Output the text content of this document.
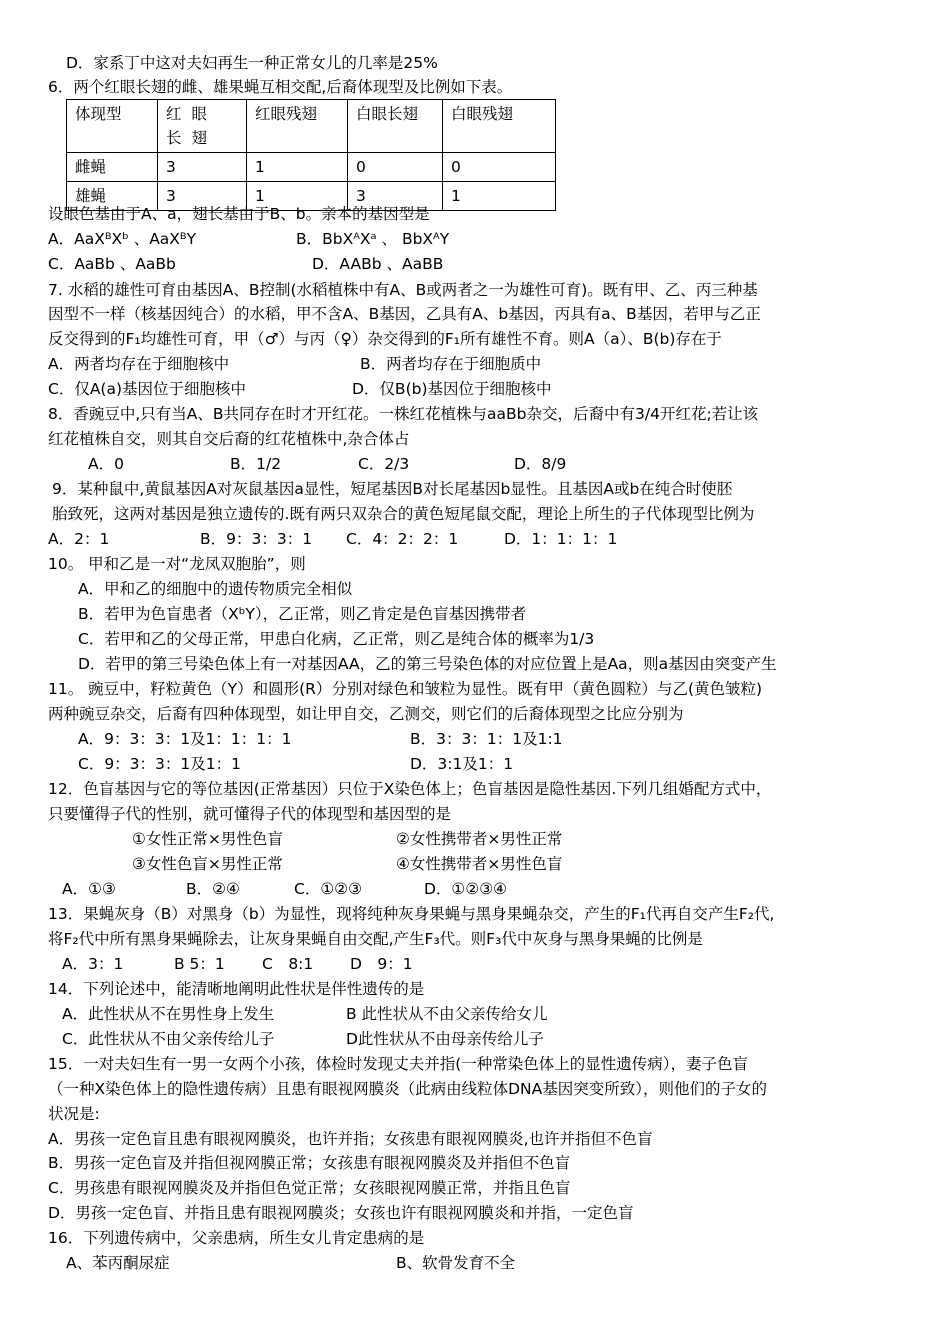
D．家系丁中这对夫妇再生一种正常女儿的几率是25%
6．两个红眼长翅的雌、雄果蝇互相交配,后裔体现型及比例如下表。
体现型	红眼长翅	红眼残翅	白眼长翅	白眼残翅
雌蝇	3	1	0	0
雄蝇	3	1	3	1
设眼色基由于A、a，翅长基由于B、b。亲本的基因型是
A．AaXᴮXᵇ 、AaXᴮY	B．BbXᴬXᵃ 、 BbXᴬY
C．AaBb 、AaBb	D．AABb 、AaBB
7. 水稻的雄性可育由基因A、B控制(水稻植株中有A、B或两者之一为雄性可育)。既有甲、乙、丙三种基
因型不一样（核基因纯合）的水稻，甲不含A、B基因，乙具有A、b基因，丙具有a、B基因，若甲与乙正
反交得到的F₁均雄性可育，甲（♂）与丙（♀）杂交得到的F₁所有雄性不育。则A（a）、B(b)存在于
A．两者均存在于细胞核中	B．两者均存在于细胞质中
C．仅A(a)基因位于细胞核中	D．仅B(b)基因位于细胞核中
8．香豌豆中,只有当A、B共同存在时才开红花。一株红花植株与aaBb杂交，后裔中有3/4开红花;若让该
红花植株自交，则其自交后裔的红花植株中,杂合体占
A．0	B．1/2	C．2/3	D．8/9
9．某种鼠中,黄鼠基因A对灰鼠基因a显性，短尾基因B对长尾基因b显性。且基因A或b在纯合时使胚
胎致死，这两对基因是独立遗传的.既有两只双杂合的黄色短尾鼠交配，理论上所生的子代体现型比例为
A．2：1	B．9：3：3：1 C．4：2：2：1	D．1：1：1：1
10。 甲和乙是一对“龙凤双胞胎”，则
A．甲和乙的细胞中的遗传物质完全相似
B．若甲为色盲患者（XᵇY），乙正常，则乙肯定是色盲基因携带者
C．若甲和乙的父母正常，甲患白化病，乙正常，则乙是纯合体的概率为1/3
D．若甲的第三号染色体上有一对基因AA，乙的第三号染色体的对应位置上是Aa，则a基因由突变产生
11。 豌豆中，籽粒黄色（Y）和圆形(R）分别对绿色和皱粒为显性。既有甲（黄色圆粒）与乙(黄色皱粒)
两种豌豆杂交，后裔有四种体现型，如让甲自交，乙测交，则它们的后裔体现型之比应分别为
A．9：3：3：1及1：1：1：1	B．3：3：1：1及1:1
C．9：3：3：1及1：1	D．3:1及1：1
12．色盲基因与它的等位基因(正常基因）只位于X染色体上；色盲基因是隐性基因.下列几组婚配方式中，
只要懂得子代的性别，就可懂得子代的体现型和基因型的是
①女性正常×男性色盲	②女性携带者×男性正常
③女性色盲×男性正常	④女性携带者×男性色盲
A．①③	B．②④	C．①②③	D．①②③④
13．果蝇灰身（B）对黑身（b）为显性，现将纯种灰身果蝇与黑身果蝇杂交，产生的F₁代再自交产生F₂代,
将F₂代中所有黑身果蝇除去，让灰身果蝇自由交配,产生F₃代。则F₃代中灰身与黑身果蝇的比例是
A．3：1	B 5：1 C　8:1 D　9：1
14．下列论述中，能清晰地阐明此性状是伴性遗传的是
A．此性状从不在男性身上发生	B 此性状从不由父亲传给女儿
C．此性状从不由父亲传给儿子	D此性状从不由母亲传给儿子
15．一对夫妇生有一男一女两个小孩，体检时发现丈夫并指(一种常染色体上的显性遗传病），妻子色盲
（一种X染色体上的隐性遗传病）且患有眼视网膜炎（此病由线粒体DNA基因突变所致），则他们的子女的
状况是:
A．男孩一定色盲且患有眼视网膜炎，也许并指；女孩患有眼视网膜炎,也许并指但不色盲
B．男孩一定色盲及并指但视网膜正常；女孩患有眼视网膜炎及并指但不色盲
C．男孩患有眼视网膜炎及并指但色觉正常；女孩眼视网膜正常，并指且色盲
D．男孩一定色盲、并指且患有眼视网膜炎；女孩也许有眼视网膜炎和并指，一定色盲
16．下列遗传病中，父亲患病，所生女儿肯定患病的是
A、苯丙酮尿症	B、软骨发育不全
